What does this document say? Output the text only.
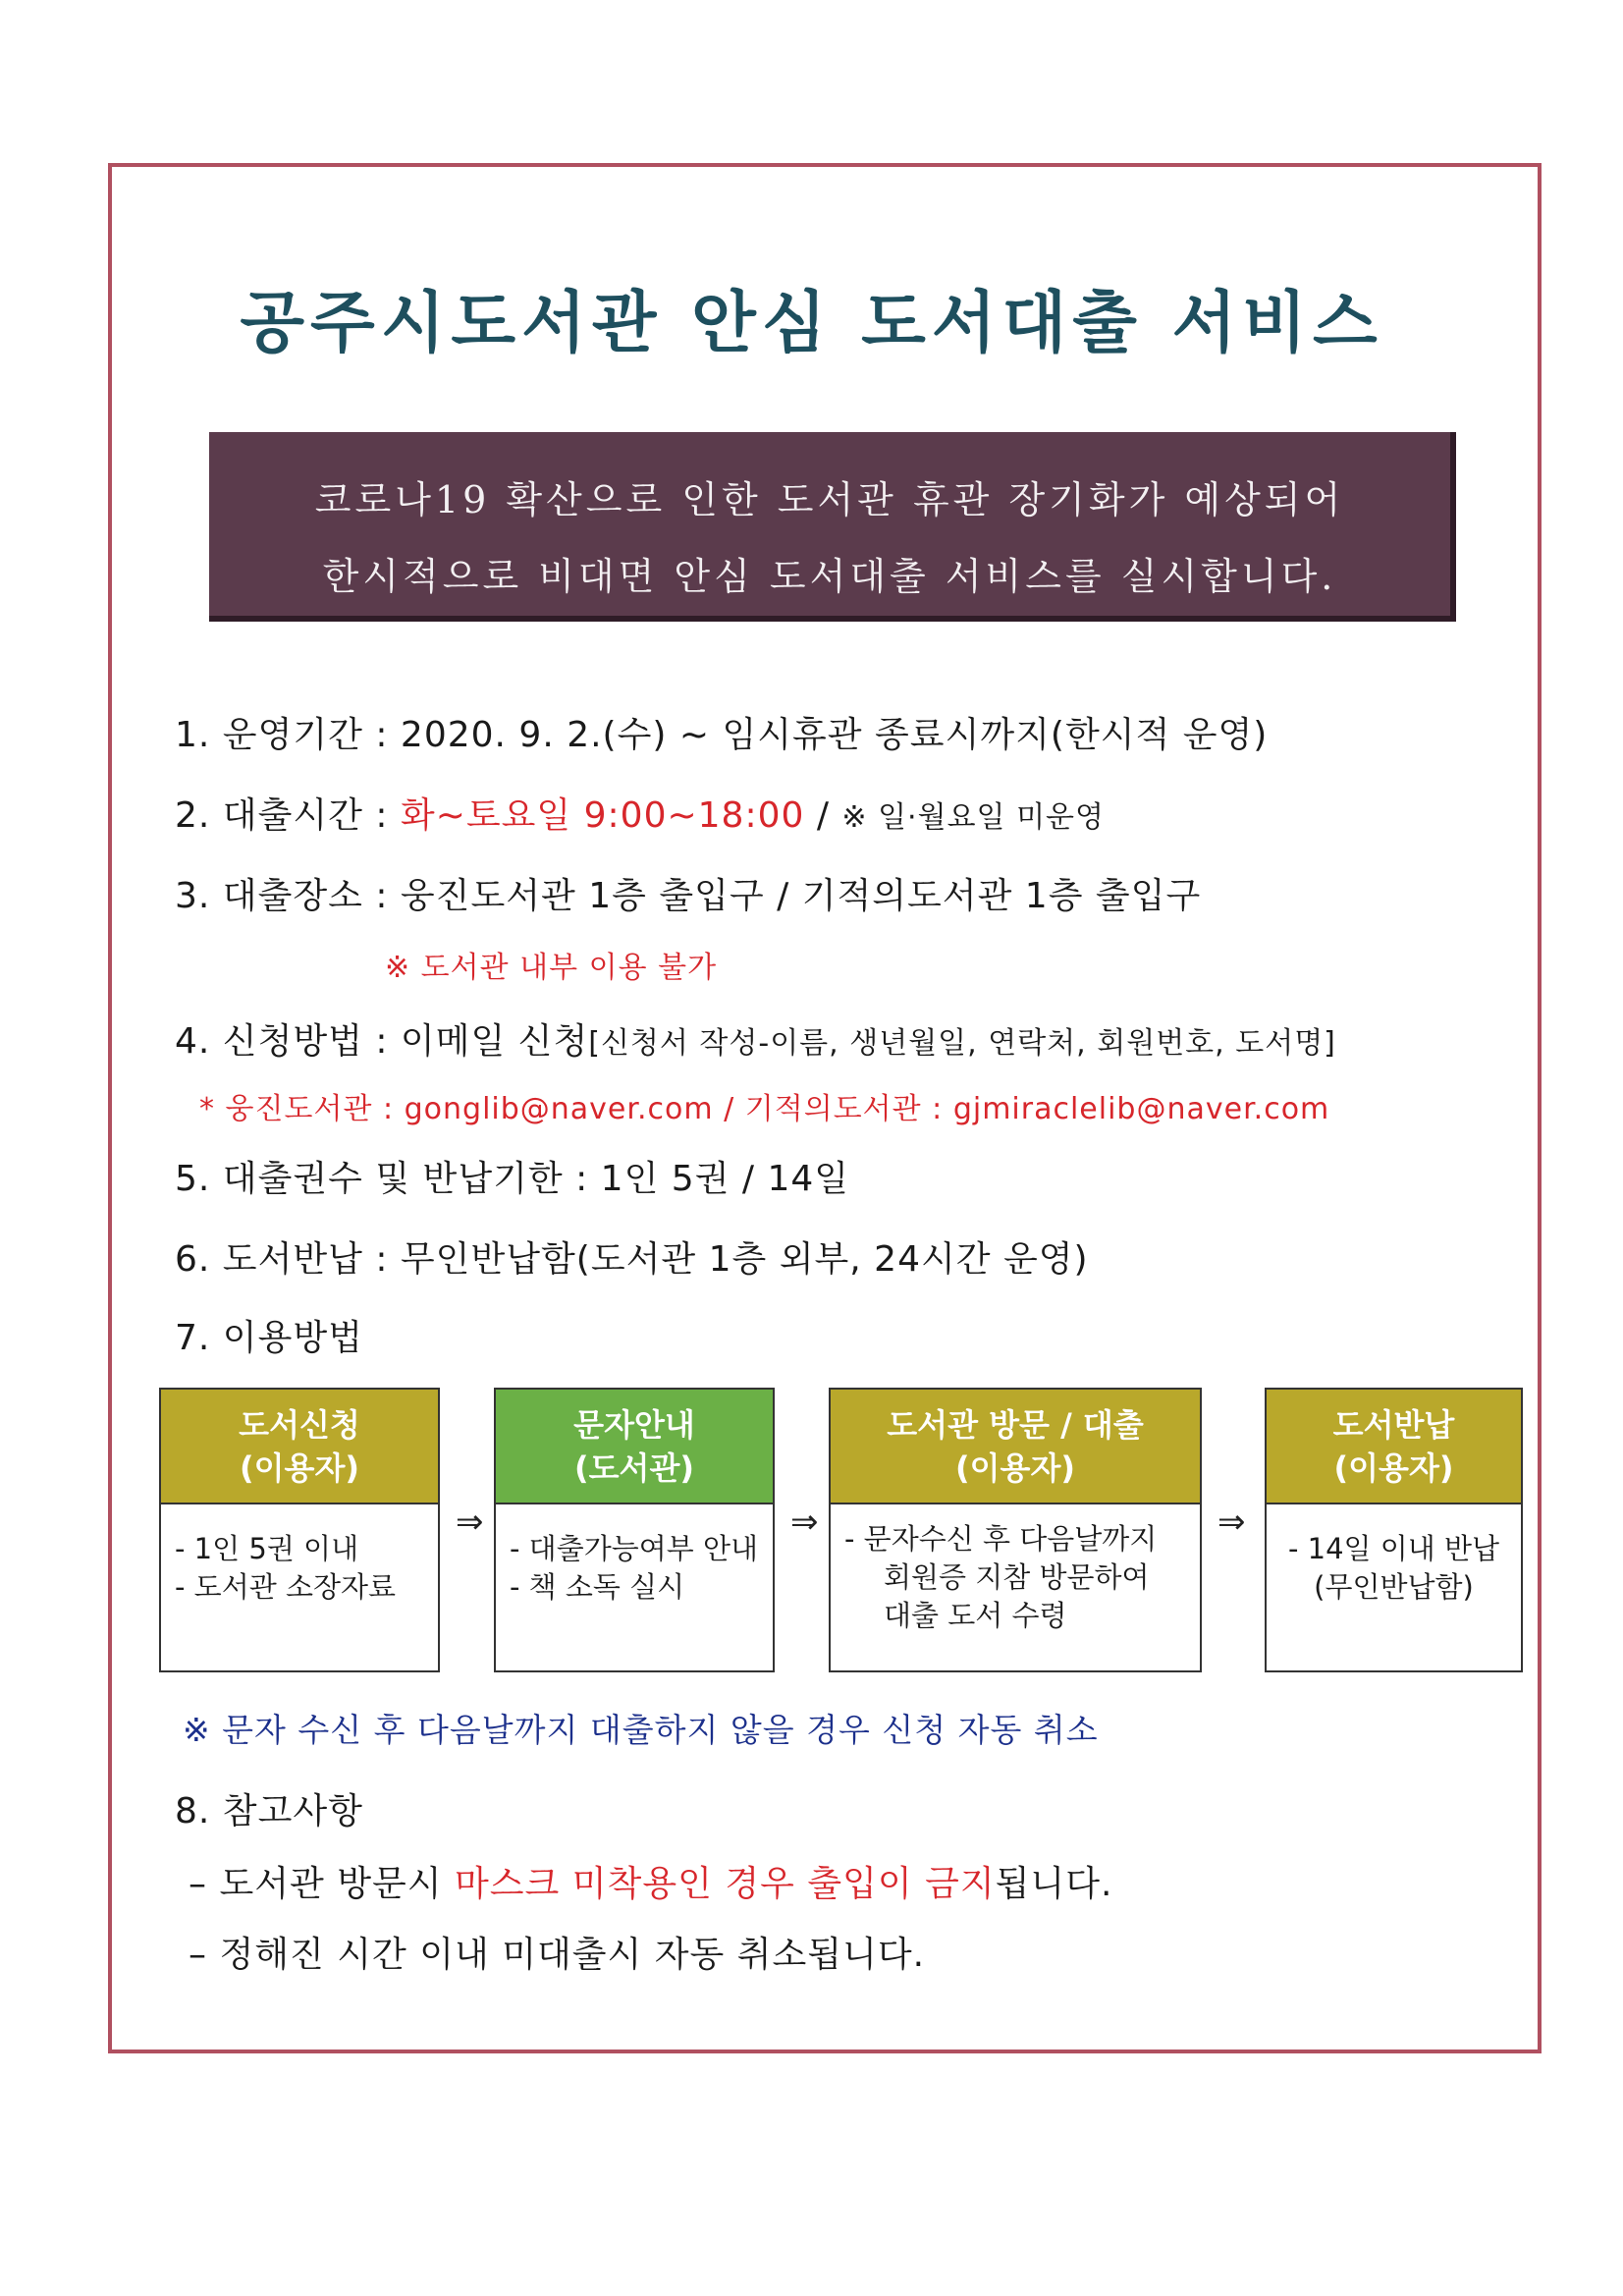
공주시도서관 안심 도서대출 서비스
코로나19 확산으로 인한 도서관 휴관 장기화가 예상되어
한시적으로 비대면 안심 도서대출 서비스를 실시합니다.
1. 운영기간 : 2020. 9. 2.(수) ~ 임시휴관 종료시까지(한시적 운영)
2. 대출시간 : 화~토요일 9:00~18:00 / ※ 일·월요일 미운영
3. 대출장소 : 웅진도서관 1층 출입구 / 기적의도서관 1층 출입구
※ 도서관 내부 이용 불가
4. 신청방법 : 이메일 신청[신청서 작성-이름, 생년월일, 연락처, 회원번호, 도서명]
* 웅진도서관 : gonglib@naver.com / 기적의도서관 : gjmiraclelib@naver.com
5. 대출권수 및 반납기한 : 1인 5권 / 14일
6. 도서반납 : 무인반납함(도서관 1층 외부, 24시간 운영)
7. 이용방법
도서신청
(이용자)
- 1인 5권 이내
- 도서관 소장자료
⇒
문자안내
(도서관)
- 대출가능여부 안내
- 책 소독 실시
⇒
도서관 방문 / 대출
(이용자)
- 문자수신 후 다음날까지
회원증 지참 방문하여
대출 도서 수령
⇒
도서반납
(이용자)
- 14일 이내 반납
(무인반납함)
※ 문자 수신 후 다음날까지 대출하지 않을 경우 신청 자동 취소
8. 참고사항
– 도서관 방문시 마스크 미착용인 경우 출입이 금지됩니다.
– 정해진 시간 이내 미대출시 자동 취소됩니다.
